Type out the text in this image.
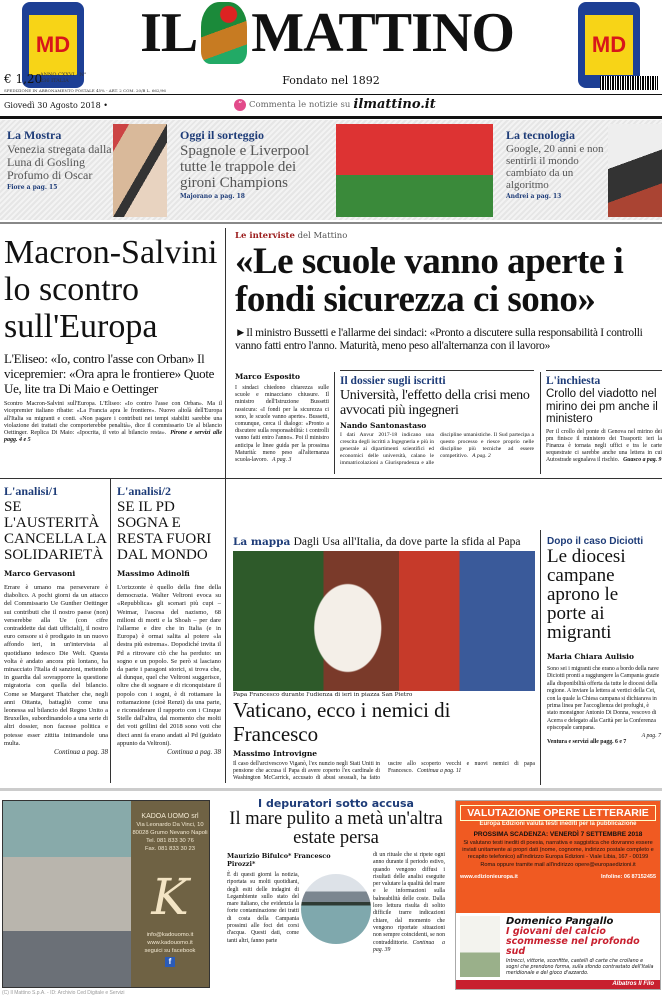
MD	MD
IL MATTINO
€ 1,20
ANNO CXXVI - N° 236 ITALIA
SPEDIZIONE IN ABBONAMENTO POSTALE 45% - ART. 2 COM. 20/B L. 662/96
Fondato nel 1892
Giovedì 30 Agosto 2018 •	“ Commenta le notizie su ilmattino.it
La Mostra
Venezia stregata dalla Luna di Gosling Profumo di Oscar
Fiore a pag. 15
Oggi il sorteggio
Spagnole e Liverpool tutte le trappole dei gironi Champions
Majorano a pag. 18
La tecnologia
Google, 20 anni e non sentirli il mondo cambiato da un algoritmo
Andrei a pag. 13
Macron-Salvini lo scontro sull'Europa
L'Eliseo: «Io, contro l'asse con Orban» Il vicepremier: «Ora apra le frontiere» Quote Ue, lite tra Di Maio e Oettinger
Scontro Macron-Salvini sull'Europa. L'Eliseo: «Io contro l'asse con Orban». Ma il vicepremier italiano ribatte: «La Francia apra le frontiere». Nuovo altolà dell'Europa all'Italia su migranti e conti. «Non pagare i contributi nei tempi stabiliti sarebbe una violazione dei trattati che comporterebbe penalità», dice il commissario Ue al bilancio Oettinger. Replica Di Maio: «Ipocrita, il veto al bilancio resta». Pirone e servizi alle pagg. 4 e 5
Le interviste del Mattino
«Le scuole vanno aperte i fondi sicurezza ci sono»
►Il ministro Bussetti e l'allarme dei sindaci: «Pronto a discutere sulla responsabilità I controlli vanno fatti entro l'anno. Maturità, meno peso all'alternanza con il lavoro»
Marco Esposito
I sindaci chiedono chiarezza sulle scuole e minacciano chiusure. Il ministro dell'Istruzione Bussetti rassicura: «I fondi per la sicurezza ci sono, le scuole vanno aperte». Bussetti, comunque, cerca il dialogo: «Pronto a discutere sulla responsabilità: i controlli vanno fatti entro l'anno». Poi il ministro anticipa le linee guida per la prossima Maturità: meno peso all'alternanza scuola-lavoro. A pag. 3
Il dossier sugli iscritti
Università, l'effetto della crisi meno avvocati più ingegneri
Nando Santonastaso
I dati Anvur 2017-18 indicano una crescita degli iscritti a Ingegneria e più in generale ai dipartimenti scientifici ed economici delle università, calano le immatricolazioni a Giurisprudenza e alle discipline umanistiche. Il Sud partecipa a questo processo e riesce proprio nelle discipline più tecniche ad essere competitivo. A pag. 2
L'inchiesta
Crollo del viadotto nel mirino dei pm anche il ministero
Per il crollo del ponte di Genova nel mirino dei pm finisce il ministero dei Trasporti: ieri la Finanza è tornata negli uffici e tra le carte sequestrate ci sarebbe anche una lettera in cui Autostrade segnalava il rischio. Guasco a pag. 9
L'analisi/1
SE L'AUSTERITÀ CANCELLA LA SOLIDARIETÀ
Marco Gervasoni
Errare è umano ma perseverare è diabolico. A pochi giorni da un attacco del Commissario Ue Gunther Oettinger sui contributi che il nostro paese (non) verserebbe alla Ue (con cifre contraddette dai dati ufficiali), il nostro euro censore si è prodigato in un nuovo affondo ieri, in un'intervista al quotidiano tedesco Die Welt. Questa volta è andato ancora più lontano, ha minacciato l'Italia di sanzioni, mettendo in guardia dal sovrapporre la questione migratoria con quella del bilancio. Come se Margaret Thatcher che, negli anni Ottanta, battagliò come una leonessa sul bilancio del Regno Unito a Bruxelles, subordinandolo a una serie di altri dossier, non facesse politica e potesse esser zittita intimandole una multa.
Continua a pag. 38
L'analisi/2
SE IL PD SOGNA E RESTA FUORI DAL MONDO
Massimo Adinolfi
L'orizzonte è quello della fine della democrazia. Walter Veltroni evoca su «Repubblica» gli scenari più cupi – Weimar, l'ascesa del nazismo, 68 milioni di morti e la Shoah – per dare l'allarme e dire che in Italia (e in Europa) è ormai salita al potere «la destra più estrema». Dopodiché invita il Pd a ritrovare ciò che ha perduto: un sogno e un popolo. Se però si lasciano da parte i paragoni storici, si trova che, al dunque, quel che Veltroni suggerisce, oltre che di sognare e di riconquistare il popolo con i sogni, è di rottamare la rottamazione (cioè Renzi) da una parte, e riconsiderare il rapporto con i Cinque Stelle dall'altra, dal momento che molti dei voti grillini del 2018 sono voti che dieci anni fa erano andati al Pd (guidato appunto da Veltroni).
Continua a pag. 38
La mappa Dagli Usa all'Italia, da dove parte la sfida al Papa
Papa Francesco durante l'udienza di ieri in piazza San Pietro
Vaticano, ecco i nemici di Francesco
Massimo Introvigne
Il caso dell'arcivescovo Viganò, l'ex nunzio negli Stati Uniti in pensione che accusa il Papa di avere coperto l'ex cardinale di Washington McCarrick, accusato di abusi sessuali, ha fatto uscire allo scoperto vecchi e nuovi nemici di papa Francesco. Continua a pag. 11
Dopo il caso Diciotti
Le diocesi campane aprono le porte ai migranti
Maria Chiara Aulisio
Sono sei i migranti che erano a bordo della nave Diciotti pronti a raggiungere la Campania grazie alla disponibilità offerta da tutte le diocesi della regione. A inviare la lettera ai vertici della Cei, con la quale la Chiesa campana si dichiarava in prima linea per l'accoglienza dei profughi, è stato monsignor Antonio Di Donna, vescovo di Acerra e delegato alla Carità per la Conferenza episcopale campana.
A pag. 7
Ventura e servizi alle pagg. 6 e 7
KADOA UOMO srl
Via Leonardo Da Vinci, 10
80028 Grumo Nevano Napoli
Tel. 081 833 30 76
Fax. 081 833 30 23
K
info@kadouomo.it
www.kadouomo.it
seguici su facebook
f
(C) Il Mattino S.p.A. - ID: Archivio Ced Digitale e Servizi
I depuratori sotto accusa
Il mare pulito a metà un'altra estate persa
Maurizio Bifulco* Francesco Pirozzi*
È di questi giorni la notizia, riportata su molti quotidiani, degli esiti delle indagini di Legambiente sullo stato del mare italiano, che evidenzia la forte contaminazione dei tratti di costa della Campania prossimi alle foci dei corsi d'acqua. Questi dati, come tanti altri, fanno parte
di un rituale che si ripete ogni anno durante il periodo estivo, quando vengono diffusi i risultati delle analisi eseguite per valutare la qualità del mare e le informazioni sulla balneabilità delle coste. Dalla loro lettura risulta di solito difficile trarre indicazioni chiare, dal momento che vengono riportate situazioni non sempre coincidenti, se non contraddittorie. Continua a pag. 39
VALUTAZIONE OPERE LETTERARIE
Europa Edizioni valuta testi inediti per la pubblicazione
PROSSIMA SCADENZA: VENERDÌ 7 SETTEMBRE 2018
Si valutano testi inediti di poesia, narrativa e saggistica che dovranno essere inviati unitamente ai propri dati (nome, cognome, indirizzo postale completo e recapito telefonico) all'indirizzo Europa Edizioni - Viale Libia, 167 - 00199 Roma oppure tramite mail all'indirizzo opere@europaedizioni.it
www.edizionieuropa.it	Infoline: 06 87152455
Domenico Pangallo
I giovani del calcio scommesse nel profondo sud
Intrecci, vittorie, sconfitte, castelli di carte che crollano e sogni che prendono forma, sulla sfondo contrastato dell'Italia meridionale e del gioco d'azzardo.
Albatros Il Filo
